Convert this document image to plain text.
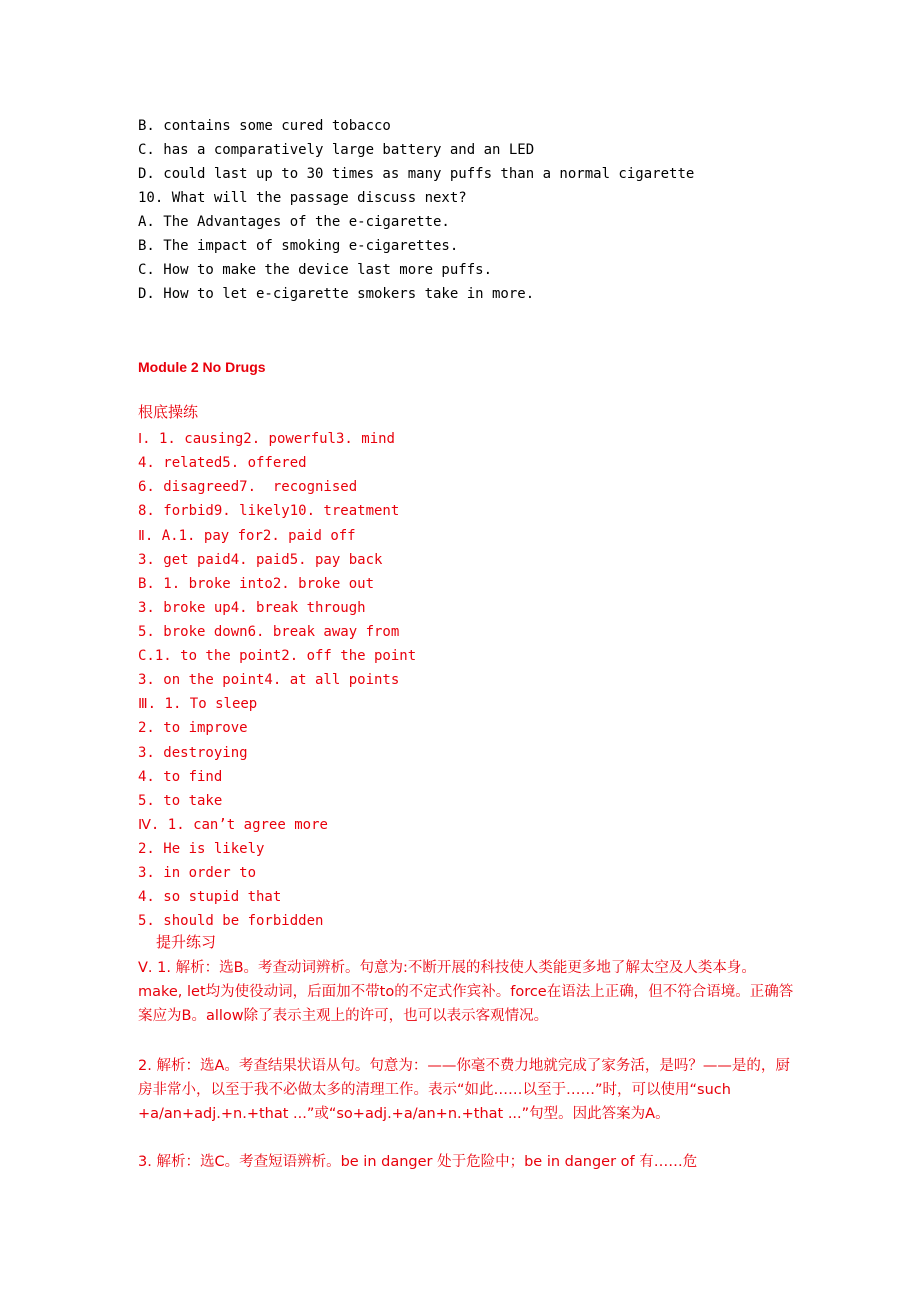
B. contains some cured tobacco
C. has a comparatively large battery and an LED
D. could last up to 30 times as many puffs than a normal cigarette
10. What will the passage discuss next?
A. The Advantages of the e-cigarette.
B. The impact of smoking e-cigarettes.
C. How to make the device last more puffs.
D. How to let e-cigarette smokers take in more.
Module 2 No Drugs
根底操练
Ⅰ. 1. causing2. powerful3. mind
4. related5. offered
6. disagreed7.  recognised
8. forbid9. likely10. treatment
Ⅱ. A.1. pay for2. paid off
3. get paid4. paid5. pay back
B. 1. broke into2. broke out
3. broke up4. break through
5. broke down6. break away from
C.1. to the point2. off the point
3. on the point4. at all points
Ⅲ. 1. To sleep
2. to improve
3. destroying
4. to find
5. to take
Ⅳ. 1. can’t agree more
2. He is likely
3. in order to
4. so stupid that
5. should be forbidden
提升练习
Ⅴ. 1. 解析：选B。考查动词辨析。句意为:不断开展的科技使人类能更多地了解太空及人类本身。make, let均为使役动词，后面加不带to的不定式作宾补。force在语法上正确，但不符合语境。正确答案应为B。allow除了表示主观上的许可，也可以表示客观情况。
2. 解析：选A。考查结果状语从句。句意为：——你毫不费力地就完成了家务活，是吗？——是的，厨房非常小，以至于我不必做太多的清理工作。表示“如此……以至于……”时，可以使用“such +a/an+adj.+n.+that ...”或“so+adj.+a/an+n.+that ...”句型。因此答案为A。
3. 解析：选C。考查短语辨析。be in danger 处于危险中；be in danger of 有……危
